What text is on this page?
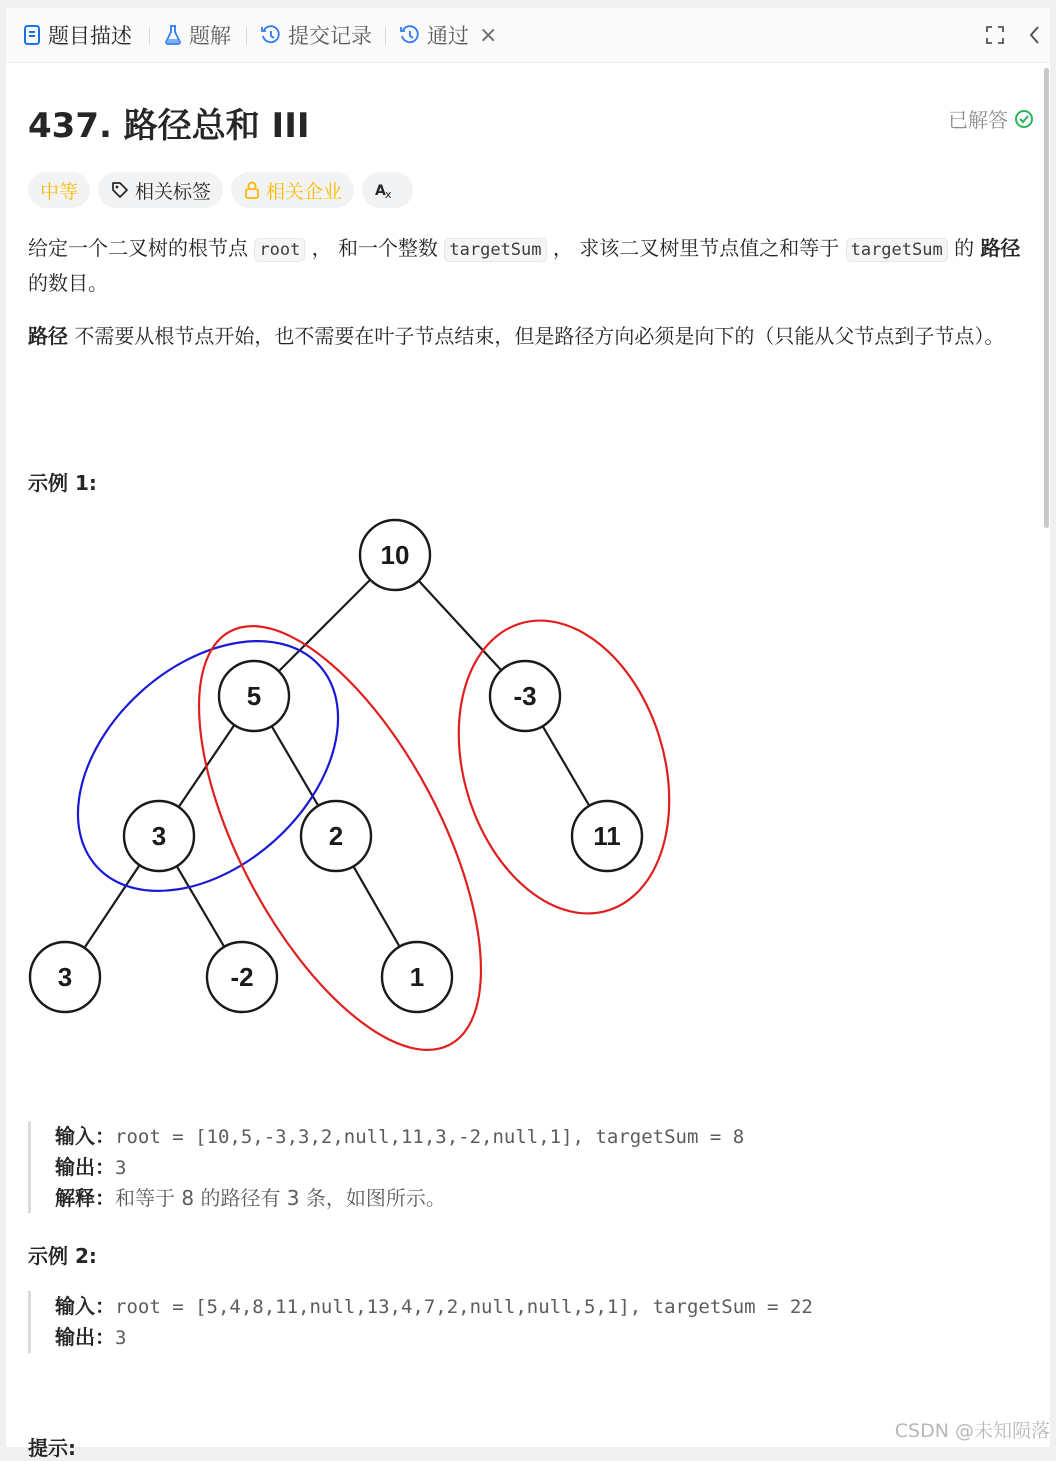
题目描述	题解	提交记录	通过 ×
437. 路径总和 III	已解答
中等	相关标签	相关企业 A x
给定一个二叉树的根节点 root ， 和一个整数 targetSum ， 求该二叉树里节点值之和等于 targetSum 的 路径 的数目。
路径 不需要从根节点开始，也不需要在叶子节点结束，但是路径方向必须是向下的（只能从父节点到子节点）。
示例 1:
10
5	-3
3	2	11
3	-2	1
输入：root = [10,5,-3,3,2,null,11,3,-2,null,1], targetSum = 8
输出：3
解释：和等于 8 的路径有 3 条，如图所示。
示例 2:
输入：root = [5,4,8,11,null,13,4,7,2,null,null,5,1], targetSum = 22
输出：3
提示:
CSDN @未知陨落
